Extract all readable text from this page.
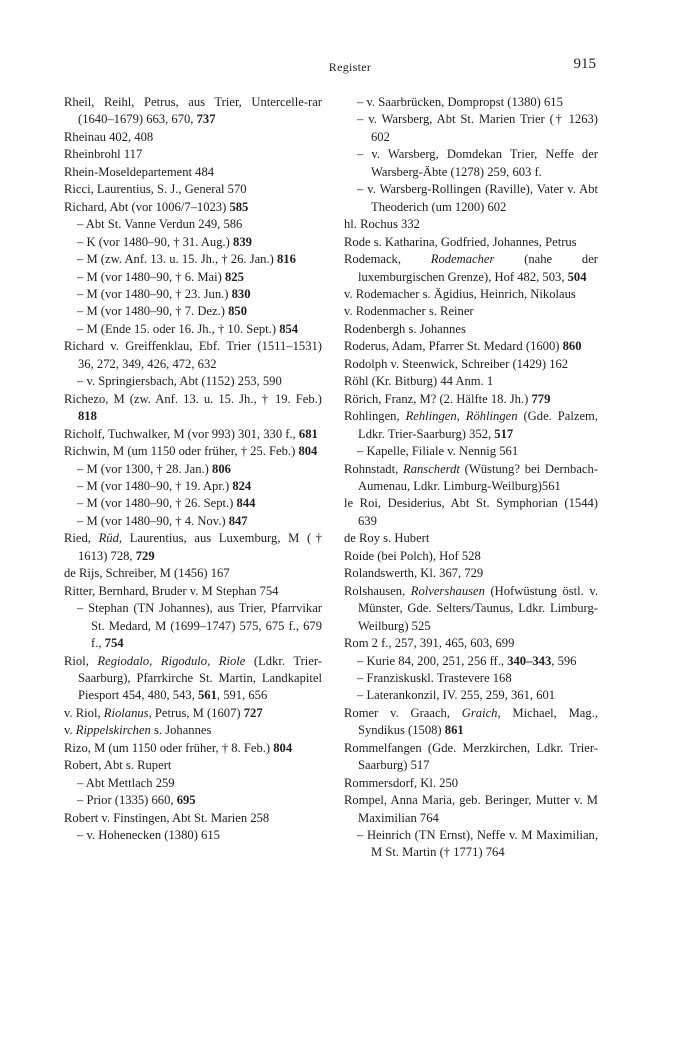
Register	915
Rheil, Reihl, Petrus, aus Trier, Untercelle-rar (1640–1679) 663, 670, 737
Rheinau 402, 408
Rheinbrohl 117
Rhein-Moseldepartement 484
Ricci, Laurentius, S. J., General 570
Richard, Abt (vor 1006/7–1023) 585
– Abt St. Vanne Verdun 249, 586
– K (vor 1480–90, † 31. Aug.) 839
– M (zw. Anf. 13. u. 15. Jh., † 26. Jan.) 816
– M (vor 1480–90, † 6. Mai) 825
– M (vor 1480–90, † 23. Jun.) 830
– M (vor 1480–90, † 7. Dez.) 850
– M (Ende 15. oder 16. Jh., † 10. Sept.) 854
Richard v. Greiffenklau, Ebf. Trier (1511–1531) 36, 272, 349, 426, 472, 632
– v. Springiersbach, Abt (1152) 253, 590
Richezo, M (zw. Anf. 13. u. 15. Jh., † 19. Feb.) 818
Richolf, Tuchwalker, M (vor 993) 301, 330 f., 681
Richwin, M (um 1150 oder früher, † 25. Feb.) 804
– M (vor 1300, † 28. Jan.) 806
– M (vor 1480–90, † 19. Apr.) 824
– M (vor 1480–90, † 26. Sept.) 844
– M (vor 1480–90, † 4. Nov.) 847
Ried, Rüd, Laurentius, aus Luxemburg, M († 1613) 728, 729
de Rijs, Schreiber, M (1456) 167
Ritter, Bernhard, Bruder v. M Stephan 754
– Stephan (TN Johannes), aus Trier, Pfarrvikar St. Medard, M (1699–1747) 575, 675 f., 679 f., 754
Riol, Regiodalo, Rigodulo, Riole (Ldkr. Trier-Saarburg), Pfarrkirche St. Martin, Landkapitel Piesport 454, 480, 543, 561, 591, 656
v. Riol, Riolanus, Petrus, M (1607) 727
v. Rippelskirchen s. Johannes
Rizo, M (um 1150 oder früher, † 8. Feb.) 804
Robert, Abt s. Rupert
– Abt Mettlach 259
– Prior (1335) 660, 695
Robert v. Finstingen, Abt St. Marien 258
– v. Hohenecken (1380) 615
– v. Saarbrücken, Dompropst (1380) 615
– v. Warsberg, Abt St. Marien Trier († 1263) 602
– v. Warsberg, Domdekan Trier, Neffe der Warsberg-Äbte (1278) 259, 603 f.
– v. Warsberg-Rollingen (Raville), Vater v. Abt Theoderich (um 1200) 602
hl. Rochus 332
Rode s. Katharina, Godfried, Johannes, Petrus
Rodemack, Rodemacher (nahe der luxemburgischen Grenze), Hof 482, 503, 504
v. Rodemacher s. Ägidius, Heinrich, Nikolaus
v. Rodenmacher s. Reiner
Rodenbergh s. Johannes
Roderus, Adam, Pfarrer St. Medard (1600) 860
Rodolph v. Steenwick, Schreiber (1429) 162
Röhl (Kr. Bitburg) 44 Anm. 1
Rörich, Franz, M? (2. Hälfte 18. Jh.) 779
Rohlingen, Rehlingen, Röhlingen (Gde. Palzem, Ldkr. Trier-Saarburg) 352, 517
– Kapelle, Filiale v. Nennig 561
Rohnstadt, Ranscherdt (Wüstung? bei Dernbach-Aumenau, Ldkr. Limburg-Weilburg)561
le Roi, Desiderius, Abt St. Symphorian (1544) 639
de Roy s. Hubert
Roide (bei Polch), Hof 528
Rolandswerth, Kl. 367, 729
Rolshausen, Rolvershausen (Hofwüstung östl. v. Münster, Gde. Selters/Taunus, Ldkr. Limburg-Weilburg) 525
Rom 2 f., 257, 391, 465, 603, 699
– Kurie 84, 200, 251, 256 ff., 340–343, 596
– Franziskuskl. Trastevere 168
– Laterankonzil, IV. 255, 259, 361, 601
Romer v. Graach, Graich, Michael, Mag., Syndikus (1508) 861
Rommelfangen (Gde. Merzkirchen, Ldkr. Trier-Saarburg) 517
Rommersdorf, Kl. 250
Rompel, Anna Maria, geb. Beringer, Mutter v. M Maximilian 764
– Heinrich (TN Ernst), Neffe v. M Maximilian, M St. Martin († 1771) 764
